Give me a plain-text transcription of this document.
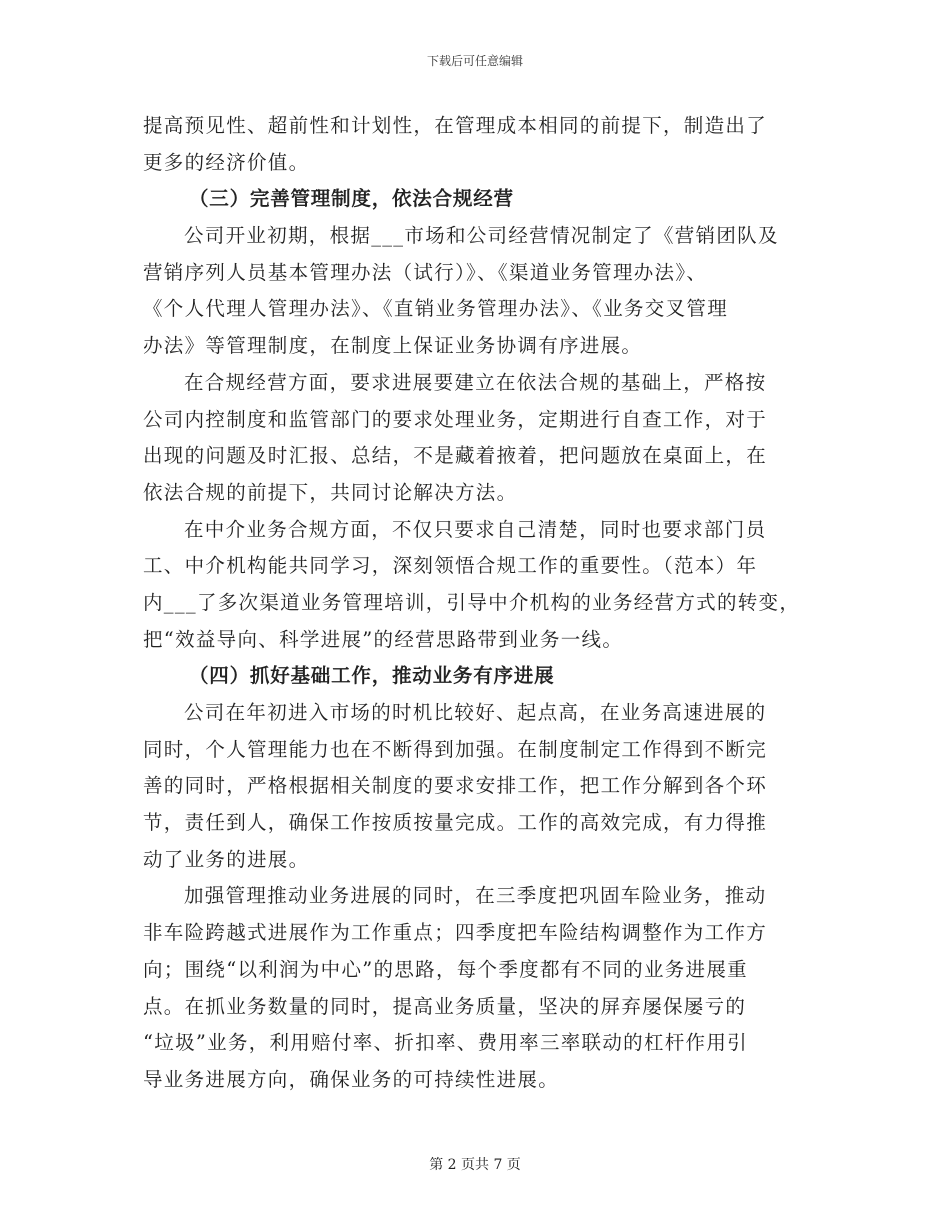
下载后可任意编辑
提高预见性、超前性和计划性，在管理成本相同的前提下，制造出了
更多的经济价值。
（三）完善管理制度，依法合规经营
公司开业初期，根据___市场和公司经营情况制定了《营销团队及
营销序列人员基本管理办法（试行）》、《渠道业务管理办法》、
《个人代理人管理办法》、《直销业务管理办法》、《业务交叉管理
办法》等管理制度，在制度上保证业务协调有序进展。
在合规经营方面，要求进展要建立在依法合规的基础上，严格按
公司内控制度和监管部门的要求处理业务，定期进行自查工作，对于
出现的问题及时汇报、总结，不是藏着掖着，把问题放在桌面上，在
依法合规的前提下，共同讨论解决方法。
在中介业务合规方面，不仅只要求自己清楚，同时也要求部门员
工、中介机构能共同学习，深刻领悟合规工作的重要性。（范本）年
内___了多次渠道业务管理培训，引导中介机构的业务经营方式的转变，
把“效益导向、科学进展”的经营思路带到业务一线。
（四）抓好基础工作，推动业务有序进展
公司在年初进入市场的时机比较好、起点高，在业务高速进展的
同时，个人管理能力也在不断得到加强。在制度制定工作得到不断完
善的同时，严格根据相关制度的要求安排工作，把工作分解到各个环
节，责任到人，确保工作按质按量完成。工作的高效完成，有力得推
动了业务的进展。
加强管理推动业务进展的同时，在三季度把巩固车险业务，推动
非车险跨越式进展作为工作重点；四季度把车险结构调整作为工作方
向；围绕“以利润为中心”的思路，每个季度都有不同的业务进展重
点。在抓业务数量的同时，提高业务质量，坚决的屏弃屡保屡亏的
“垃圾”业务，利用赔付率、折扣率、费用率三率联动的杠杆作用引
导业务进展方向，确保业务的可持续性进展。
第 2 页共 7 页
